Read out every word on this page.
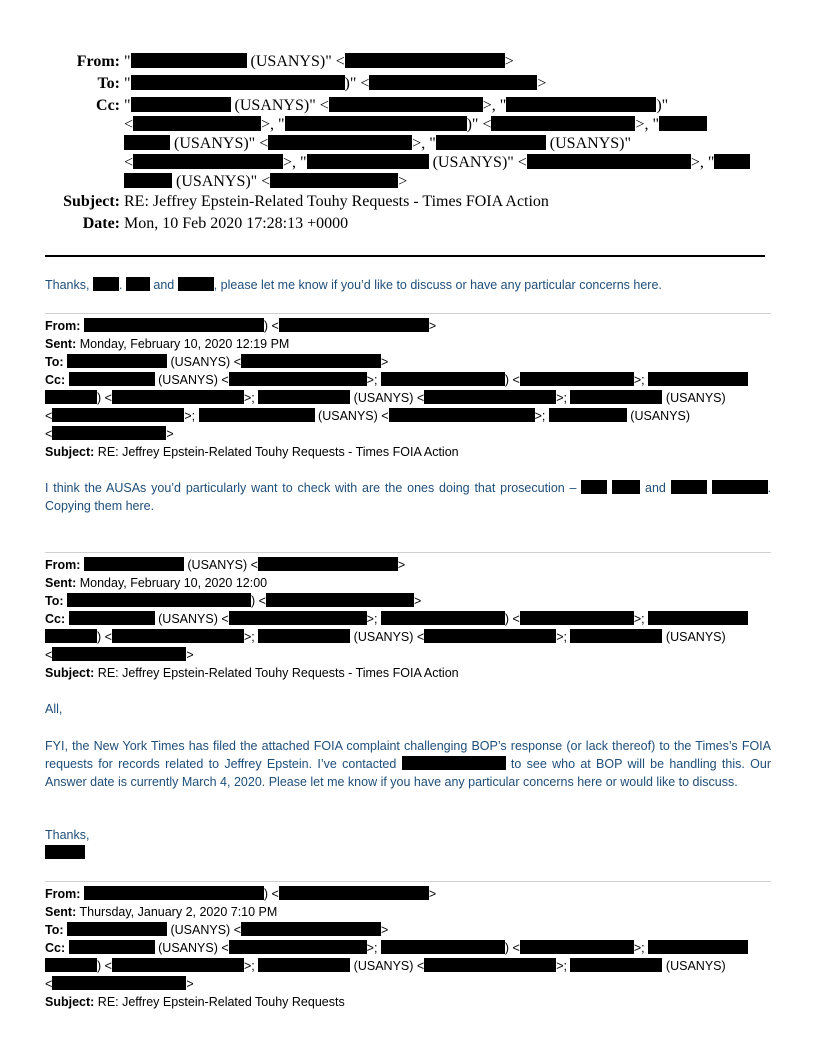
From: "	(USANYS)" <	>
To: "	)" <	>
Cc: "	(USANYS)" <	>, "	)"
<	>, "	)" <	>, "
(USANYS)" <	>, "	(USANYS)"
<	>, "	(USANYS)" <	>, "
(USANYS)" <	>
Subject: RE: Jeffrey Epstein-Related Touhy Requests - Times FOIA Action
Date: Mon, 10 Feb 2020 17:28:13 +0000
Thanks, .  and	, please let me know if you’d like to discuss or have any particular concerns here.
From:	) <	>
Sent: Monday, February 10, 2020 12:19 PM
To:	(USANYS) <	>
Cc:	(USANYS) <	>;	) <	>;
) <	>;	(USANYS) <	>;	(USANYS)
<	>;	(USANYS) <	>;	(USANYS)
<	>
Subject: RE: Jeffrey Epstein-Related Touhy Requests - Times FOIA Action
I think the AUSAs you’d particularly want to check with are the ones doing that prosecution –	and	. Copying them here.
From:	(USANYS) <	>
Sent: Monday, February 10, 2020 12:00
To:	) <	>
Cc:	(USANYS) <	>;	) <	>;
) <	>;	(USANYS) <	>;	(USANYS)
<	>
Subject: RE: Jeffrey Epstein-Related Touhy Requests - Times FOIA Action
All,
FYI, the New York Times has filed the attached FOIA complaint challenging BOP’s response (or lack thereof) to the Times’s FOIA requests for records related to Jeffrey Epstein. I’ve contacted	to see who at BOP will be handling this. Our Answer date is currently March 4, 2020. Please let me know if you have any particular concerns here or would like to discuss.
Thanks,
From:	) <	>
Sent: Thursday, January 2, 2020 7:10 PM
To:	(USANYS) <	>
Cc:	(USANYS) <	>;	) <	>;
) <	>;	(USANYS) <	>;	(USANYS)
<	>
Subject: RE: Jeffrey Epstein-Related Touhy Requests
